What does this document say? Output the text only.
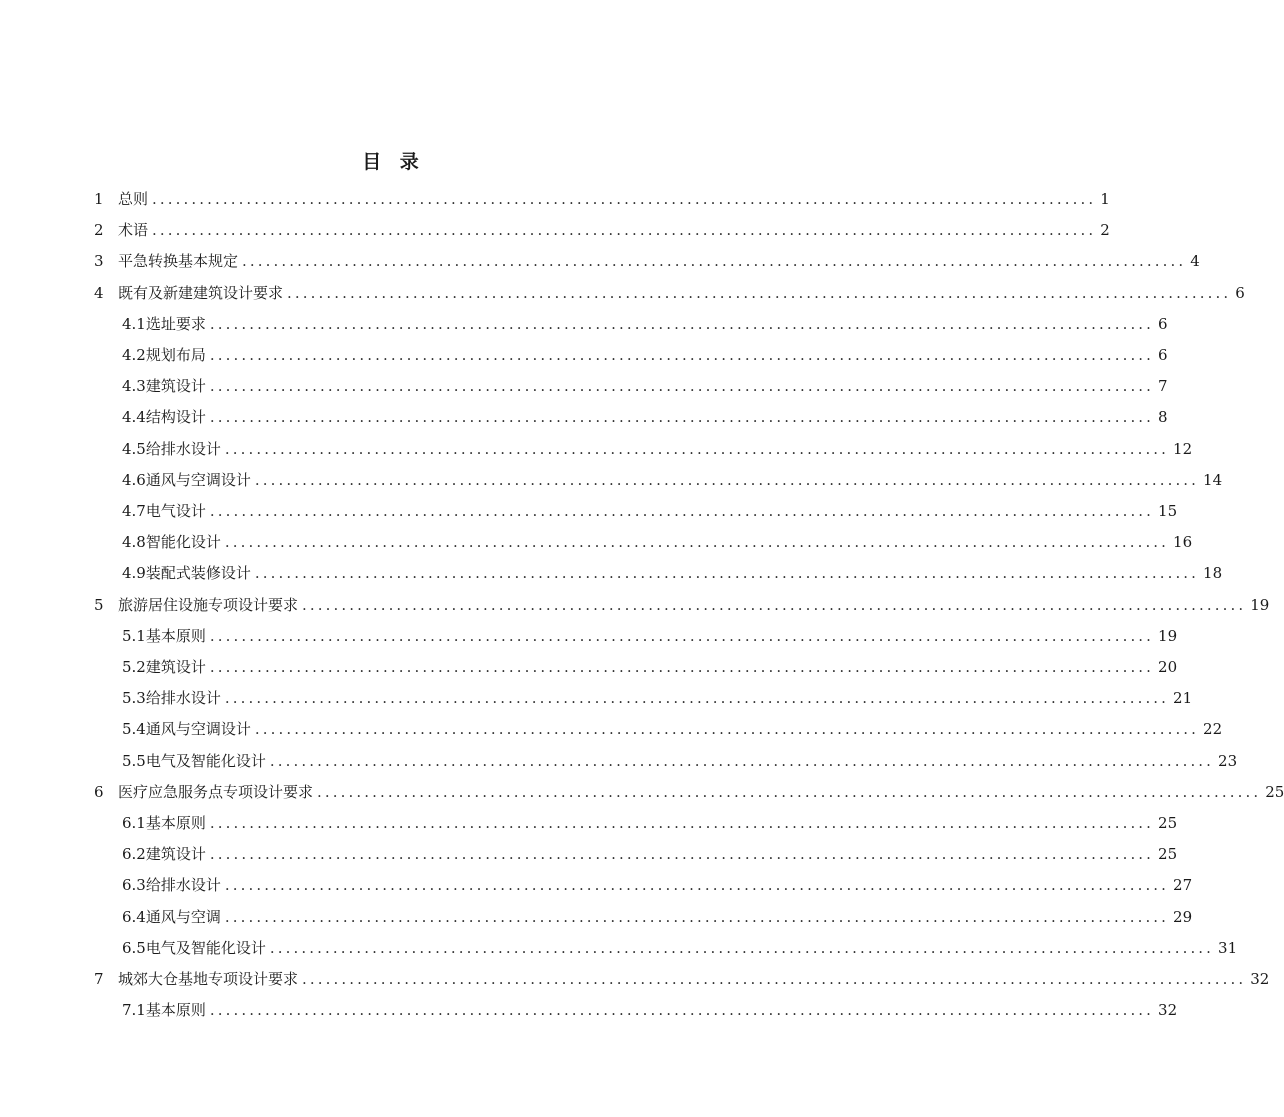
目 录
1 总则 ........................................................................................................................ 1
2 术语 ........................................................................................................................ 2
3 平急转换基本规定 ........................................................................................................................ 4
4 既有及新建建筑设计要求 ........................................................................................................................ 6
4.1 选址要求 ........................................................................................................................ 6
4.2 规划布局 ........................................................................................................................ 6
4.3 建筑设计 ........................................................................................................................ 7
4.4 结构设计 ........................................................................................................................ 8
4.5 给排水设计 ........................................................................................................................ 12
4.6 通风与空调设计 ........................................................................................................................ 14
4.7 电气设计 ........................................................................................................................ 15
4.8 智能化设计 ........................................................................................................................ 16
4.9 装配式装修设计 ........................................................................................................................ 18
5 旅游居住设施专项设计要求 ........................................................................................................................ 19
5.1 基本原则 ........................................................................................................................ 19
5.2 建筑设计 ........................................................................................................................ 20
5.3 给排水设计 ........................................................................................................................ 21
5.4 通风与空调设计 ........................................................................................................................ 22
5.5 电气及智能化设计 ........................................................................................................................ 23
6 医疗应急服务点专项设计要求 ........................................................................................................................ 25
6.1 基本原则 ........................................................................................................................ 25
6.2 建筑设计 ........................................................................................................................ 25
6.3 给排水设计 ........................................................................................................................ 27
6.4 通风与空调 ........................................................................................................................ 29
6.5 电气及智能化设计 ........................................................................................................................ 31
7 城郊大仓基地专项设计要求 ........................................................................................................................ 32
7.1 基本原则 ........................................................................................................................ 32
